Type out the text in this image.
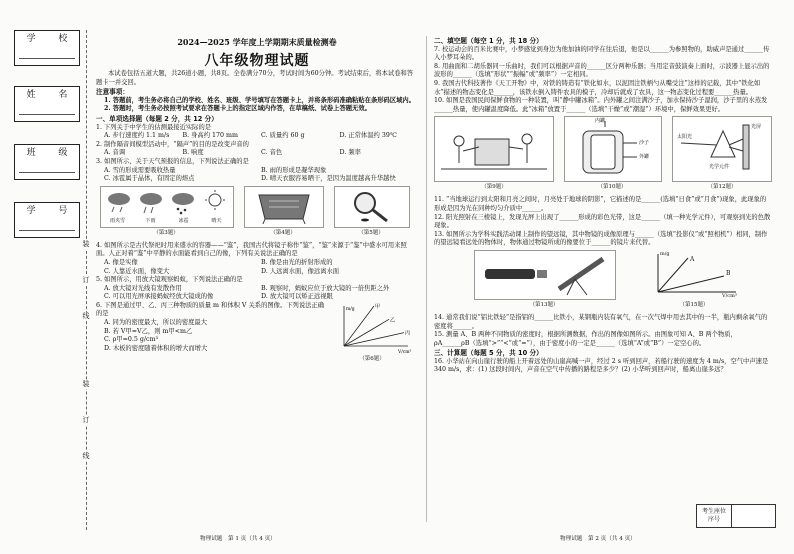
学 校
姓 名
班 级
学 号
装
订
线
装
订
线
2024—2025 学年度上学期期末质量检测卷
八年级物理试题

本试卷包括五道大题，共26道小题，共8页。全卷满分70分，考试时间为60分钟。考试结束后，将本试卷和答题卡一并交回。

注意事项：

1. 答题前，考生务必将自己的学校、姓名、班级、学号填写在答题卡上，并将条形码准确粘贴在条形码区域内。

2. 答题时，考生务必按照考试要求在答题卡上的指定区域内作答，在草稿纸、试卷上答题无效。

一、单项选择题（每题 2 分，共 12 分）

1. 下列关于中学生的估测最接近实际的是

A. 步行速度约 1.1 m/s	B. 身高约 170 mm	C. 质量约 60 g	D. 正常体温约 39℃

2. 制作隔音间模型活动中，“隔声”的目的是改变声音的

A. 音调	B. 响度	C. 音色	D. 频率

3. 如图所示，关于天气预报的信息，下列说法正确的是

A. 雪的形成需要吸收热量	B. 雨的形成是凝华现象
C. 冰雹属于晶体，有固定的熔点	D. 晴天衣服容易晒干，是因为温度越高升华越快
雨夹雪	下雨	冰雹	晴天
（第3题）	（第4题）	（第5题）

4. 如图所示是古代祭祀时用来盛水的容器——“鉴”，我国古代将镜子称作“鉴”，“鉴”来源于“鉴”中盛水可用来照面。人正对着“鉴”中平静的水面能看到自己的像，下列有关说法正确的是

A. 像是实像	B. 像是由光的折射形成的
C. 人靠近水面，像变大	D. 人远离水面，像远离水面

5. 如图所示，用放大镜观察蚂蚁，下列说法正确的是

A. 放大镜对光线有发散作用	B. 观察时，蚂蚁应位于放大镜的一倍焦距之外
C. 可以用光屏承接蚂蚁经放大镜成的像	D. 放大镜可以矫正远视眼

6. 下图是通过甲、乙、丙三种物质的质量 m 和体积 V 关系的图像。下列说法正确的是

A. 同为的密度最大，所以的密度最大
B. 若 V甲=V乙，则 m甲<m乙
C. ρ甲=0.5 g/cm³
D. 木板的密度随着体积的增大而增大
m/g
V/cm³
甲
乙
丙
（第6题）
物理试题　第 1 页（共 4 页）

二、填空题（每空 1 分，共 18 分）

7. 校运动会的百米比赛中，小梦感觉到身边为他加油的同学在往后退，他是以______为参照物的，助威声是通过______传入小梦耳朵的。

8. 用曲面和二胡乐器同一乐曲时，我们可以根据声音的______区分两种乐器；当用定音鼓演奏上面时，示波器上显示出的波形的______（选填“形状”“振幅”或“频率”）一定相同。

9. 我国古代科技著作《天工开物》中，对铁的铸造有“铁化如水，以泥固注铁柄勺从嘴受注”这样的记载，其中“铁化如水”描述的物态变化是______，该铁水倒入铸件农具的模子，冷却后就成了农具，这一物态变化过程要______热量。

10. 如图是我国民间保鲜食物的一种装置，叫“静中罐冰箱”。内外罐之间注满沙子，加水保持沙子湿润，沙子里的水蒸发______热量，使内罐温度降低。此“冰箱”放置于______（选填“干燥”或“潮湿”）环境中，保鲜效果更好。

内罐
沙子
外罐
光屏
太阳光
光学元件
（第9题）	（第10题）	（第12题）

11. “当地球运行到太阳和月亮之间时，月亮处于地球的阴影”，它描述的是______(选填“日食”或“月食”)现象，此现象的形成是因为光在同种均匀介质中______。

12. 阳光照射在三棱镜上，发现光屏上出现了______形成的彩色光带，这是______（填一种光学元件），可观察到光的色散现象。

13. 如图所示为学科实践活动课上制作的望远镜，其中物镜的成像原理与______（选填“投影仪”或“照相机”）相同，制作的望远镜看远处的物体时，物体通过物镜所成的像要位于______的镜片来代替。

m/g
V/cm³
A
B
（第13题）	（第15题）

14. 通常我们说“铝比铁轻”是指铝的______比铁小，某钢瓶内装有氧气，在一次气焊中用去其中的一半，瓶内剩余氧气的密度将______。

15. 测量 A、B 两种不同物质的密度时，根据所测数据，作出的图像如图所示。由图象可知 A、B 两个物质，ρA______ρB（选填“>”“<”或“=”），由于密度小的一定是______（选填“A”或“B”）一定空心的。

三、计算题（每题 5 分，共 10 分）

16. 小华站在向山崖行驶的船上开着远处的山崖高喊一声，经过 2 s 听到回声，若船行驶的速度为 4 m/s，空气中声速是 340 m/s，求：(1) 这段时间内，声音在空气中传播的路程是多少？(2) 小华听到回声时，船离山崖多远？

考生座位序号
物理试题　第 2 页（共 4 页）
